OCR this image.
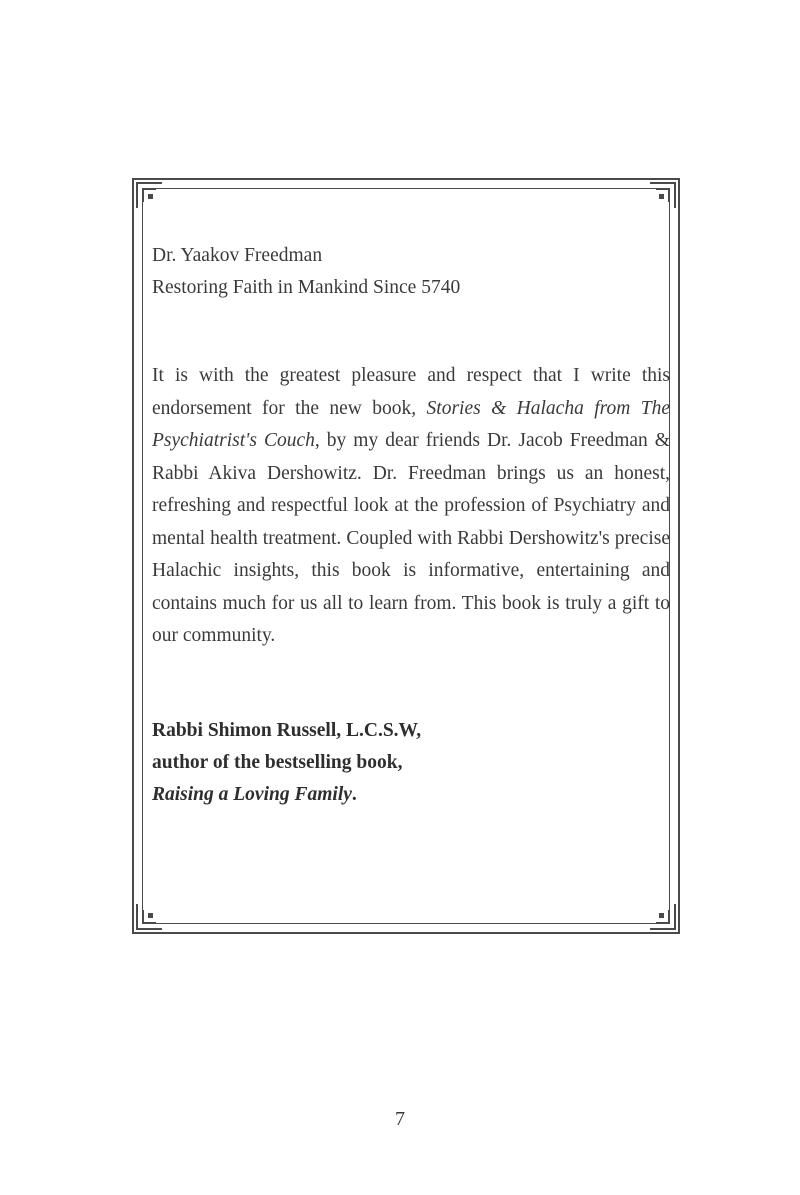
Dr. Yaakov Freedman
Restoring Faith in Mankind Since 5740
It is with the greatest pleasure and respect that I write this endorsement for the new book, Stories & Halacha from The Psychiatrist's Couch, by my dear friends Dr. Jacob Freedman & Rabbi Akiva Dershowitz. Dr. Freedman brings us an honest, refreshing and respectful look at the profession of Psychiatry and mental health treatment. Coupled with Rabbi Dershowitz's precise Halachic insights, this book is informative, entertaining and contains much for us all to learn from. This book is truly a gift to our community.
Rabbi Shimon Russell, L.C.S.W,
author of the bestselling book,
Raising a Loving Family.
7
